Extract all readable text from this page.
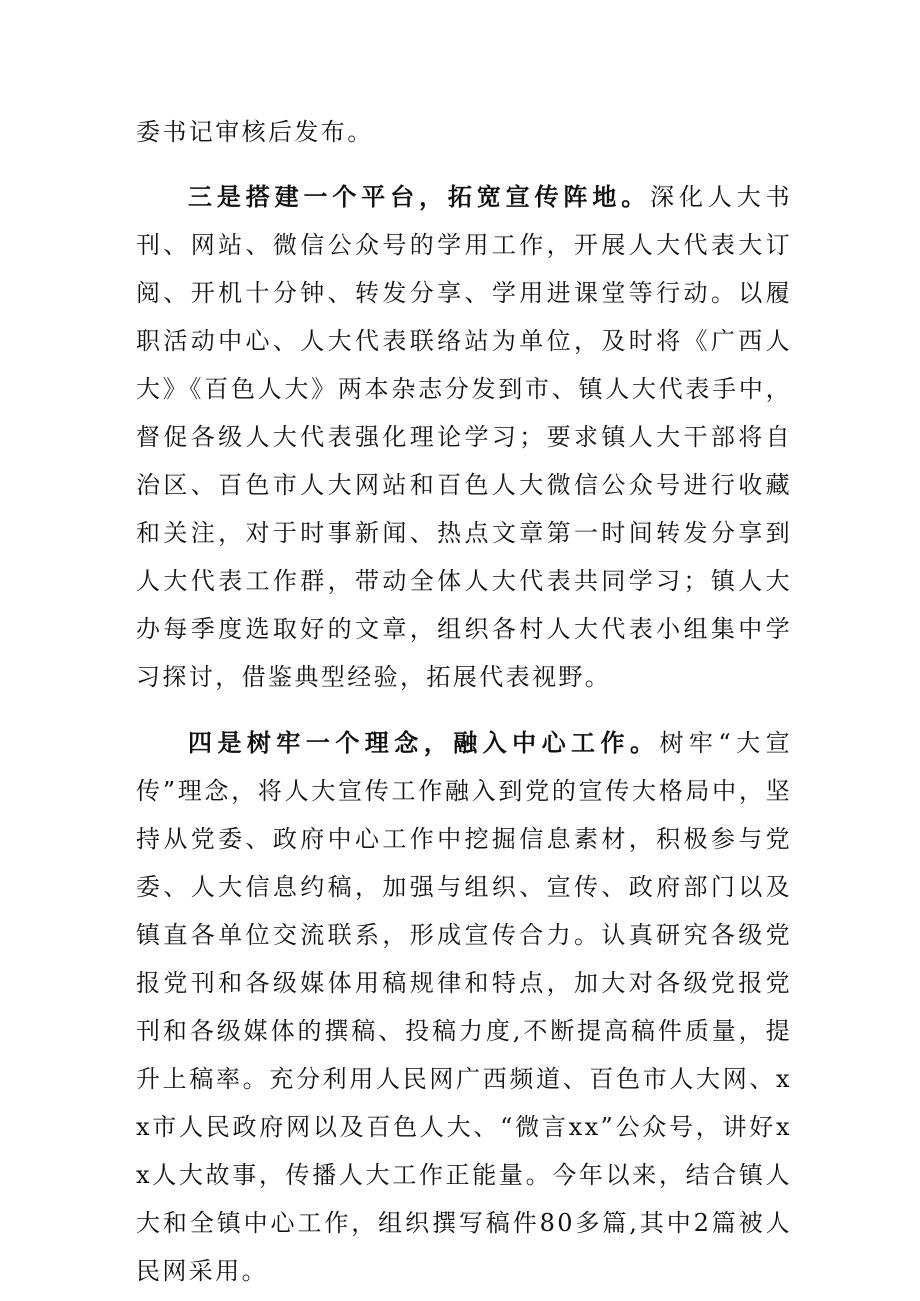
委书记审核后发布。

三是搭建一个平台，拓宽宣传阵地。深化人大书刊、网站、微信公众号的学用工作，开展人大代表大订阅、开机十分钟、转发分享、学用进课堂等行动。以履职活动中心、人大代表联络站为单位，及时将《广西人大》《百色人大》两本杂志分发到市、镇人大代表手中，督促各级人大代表强化理论学习；要求镇人大干部将自治区、百色市人大网站和百色人大微信公众号进行收藏和关注，对于时事新闻、热点文章第一时间转发分享到人大代表工作群，带动全体人大代表共同学习；镇人大办每季度选取好的文章，组织各村人大代表小组集中学习探讨，借鉴典型经验，拓展代表视野。

四是树牢一个理念，融入中心工作。树牢“大宣传”理念，将人大宣传工作融入到党的宣传大格局中，坚持从党委、政府中心工作中挖掘信息素材，积极参与党委、人大信息约稿，加强与组织、宣传、政府部门以及镇直各单位交流联系，形成宣传合力。认真研究各级党报党刊和各级媒体用稿规律和特点，加大对各级党报党刊和各级媒体的撰稿、投稿力度,不断提高稿件质量，提升上稿率。充分利用人民网广西频道、百色市人大网、xx市人民政府网以及百色人大、“微言xx”公众号，讲好xx人大故事，传播人大工作正能量。今年以来，结合镇人大和全镇中心工作，组织撰写稿件80多篇,其中2篇被人民网采用。
